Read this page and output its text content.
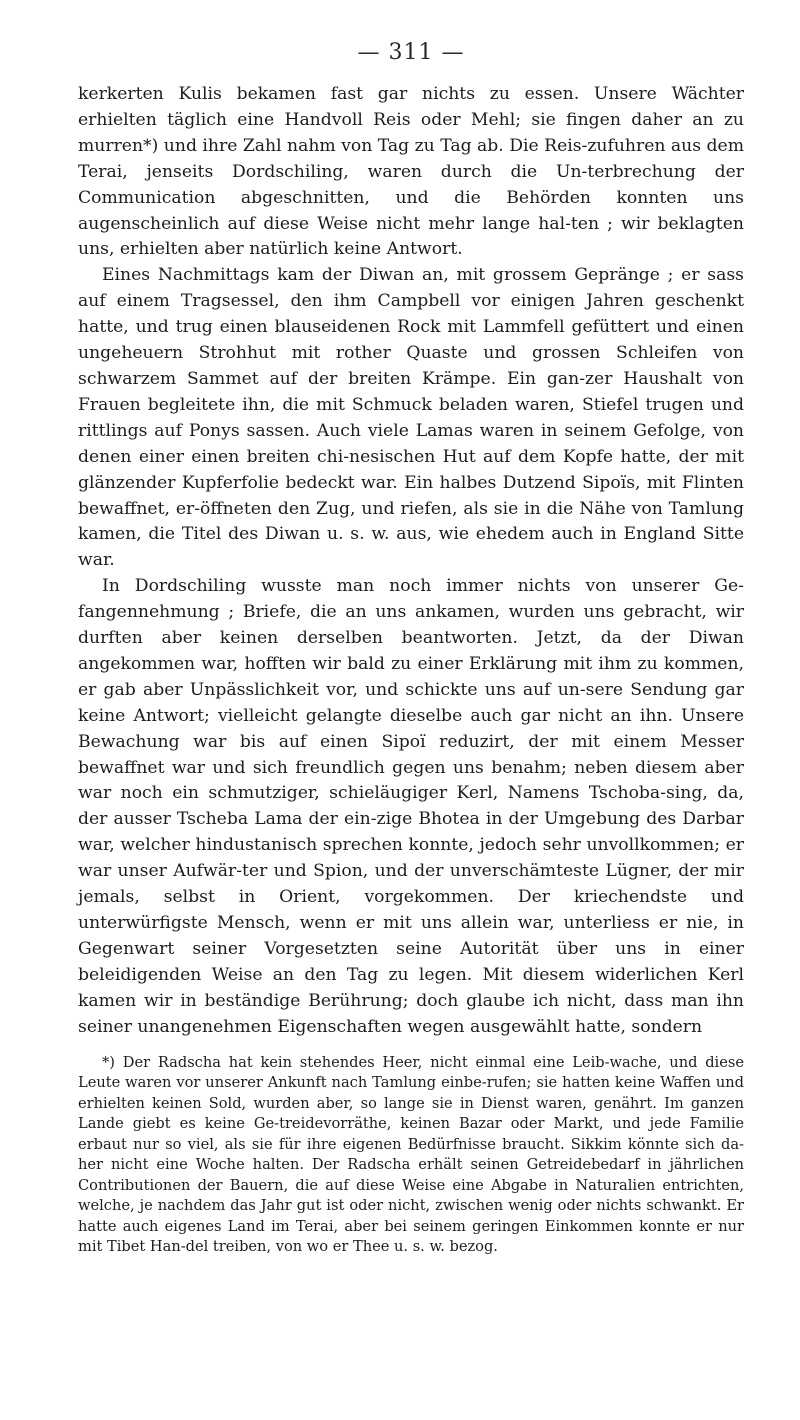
— 311 —

kerkerten Kulis bekamen fast gar nichts zu essen. Unsere Wächter erhielten täglich eine Handvoll Reis oder Mehl; sie fingen daher an zu murren*) und ihre Zahl nahm von Tag zu Tag ab. Die Reis-zufuhren aus dem Terai, jenseits Dordschiling, waren durch die Un-terbrechung der Communication abgeschnitten, und die Behörden konnten uns augenscheinlich auf diese Weise nicht mehr lange hal-ten ; wir beklagten uns, erhielten aber natürlich keine Antwort.

Eines Nachmittags kam der Diwan an, mit grossem Gepränge ; er sass auf einem Tragsessel, den ihm Campbell vor einigen Jahren geschenkt hatte, und trug einen blauseidenen Rock mit Lammfell gefüttert und einen ungeheuern Strohhut mit rother Quaste und grossen Schleifen von schwarzem Sammet auf der breiten Krämpe. Ein gan-zer Haushalt von Frauen begleitete ihn, die mit Schmuck beladen waren, Stiefel trugen und rittlings auf Ponys sassen. Auch viele Lamas waren in seinem Gefolge, von denen einer einen breiten chi-nesischen Hut auf dem Kopfe hatte, der mit glänzender Kupferfolie bedeckt war. Ein halbes Dutzend Sipoïs, mit Flinten bewaffnet, er-öffneten den Zug, und riefen, als sie in die Nähe von Tamlung kamen, die Titel des Diwan u. s. w. aus, wie ehedem auch in England Sitte war.

In Dordschiling wusste man noch immer nichts von unserer Ge-fangennehmung ; Briefe, die an uns ankamen, wurden uns gebracht, wir durften aber keinen derselben beantworten. Jetzt, da der Diwan angekommen war, hofften wir bald zu einer Erklärung mit ihm zu kommen, er gab aber Unpässlichkeit vor, und schickte uns auf un-sere Sendung gar keine Antwort; vielleicht gelangte dieselbe auch gar nicht an ihn. Unsere Bewachung war bis auf einen Sipoï reduzirt, der mit einem Messer bewaffnet war und sich freundlich gegen uns benahm; neben diesem aber war noch ein schmutziger, schieläugiger Kerl, Namens Tschoba-sing, da, der ausser Tscheba Lama der ein-zige Bhotea in der Umgebung des Darbar war, welcher hindustanisch sprechen konnte, jedoch sehr unvollkommen; er war unser Aufwär-ter und Spion, und der unverschämteste Lügner, der mir jemals, selbst in Orient, vorgekommen. Der kriechendste und unterwürfigste Mensch, wenn er mit uns allein war, unterliess er nie, in Gegenwart seiner Vorgesetzten seine Autorität über uns in einer beleidigenden Weise an den Tag zu legen. Mit diesem widerlichen Kerl kamen wir in beständige Berührung; doch glaube ich nicht, dass man ihn seiner unangenehmen Eigenschaften wegen ausgewählt hatte, sondern

*) Der Radscha hat kein stehendes Heer, nicht einmal eine Leib-wache, und diese Leute waren vor unserer Ankunft nach Tamlung einbe-rufen; sie hatten keine Waffen und erhielten keinen Sold, wurden aber, so lange sie in Dienst waren, genährt. Im ganzen Lande giebt es keine Ge-treidevorräthe, keinen Bazar oder Markt, und jede Familie erbaut nur so viel, als sie für ihre eigenen Bedürfnisse braucht. Sikkim könnte sich da-her nicht eine Woche halten. Der Radscha erhält seinen Getreidebedarf in jährlichen Contributionen der Bauern, die auf diese Weise eine Abgabe in Naturalien entrichten, welche, je nachdem das Jahr gut ist oder nicht, zwischen wenig oder nichts schwankt. Er hatte auch eigenes Land im Terai, aber bei seinem geringen Einkommen konnte er nur mit Tibet Han-del treiben, von wo er Thee u. s. w. bezog.
